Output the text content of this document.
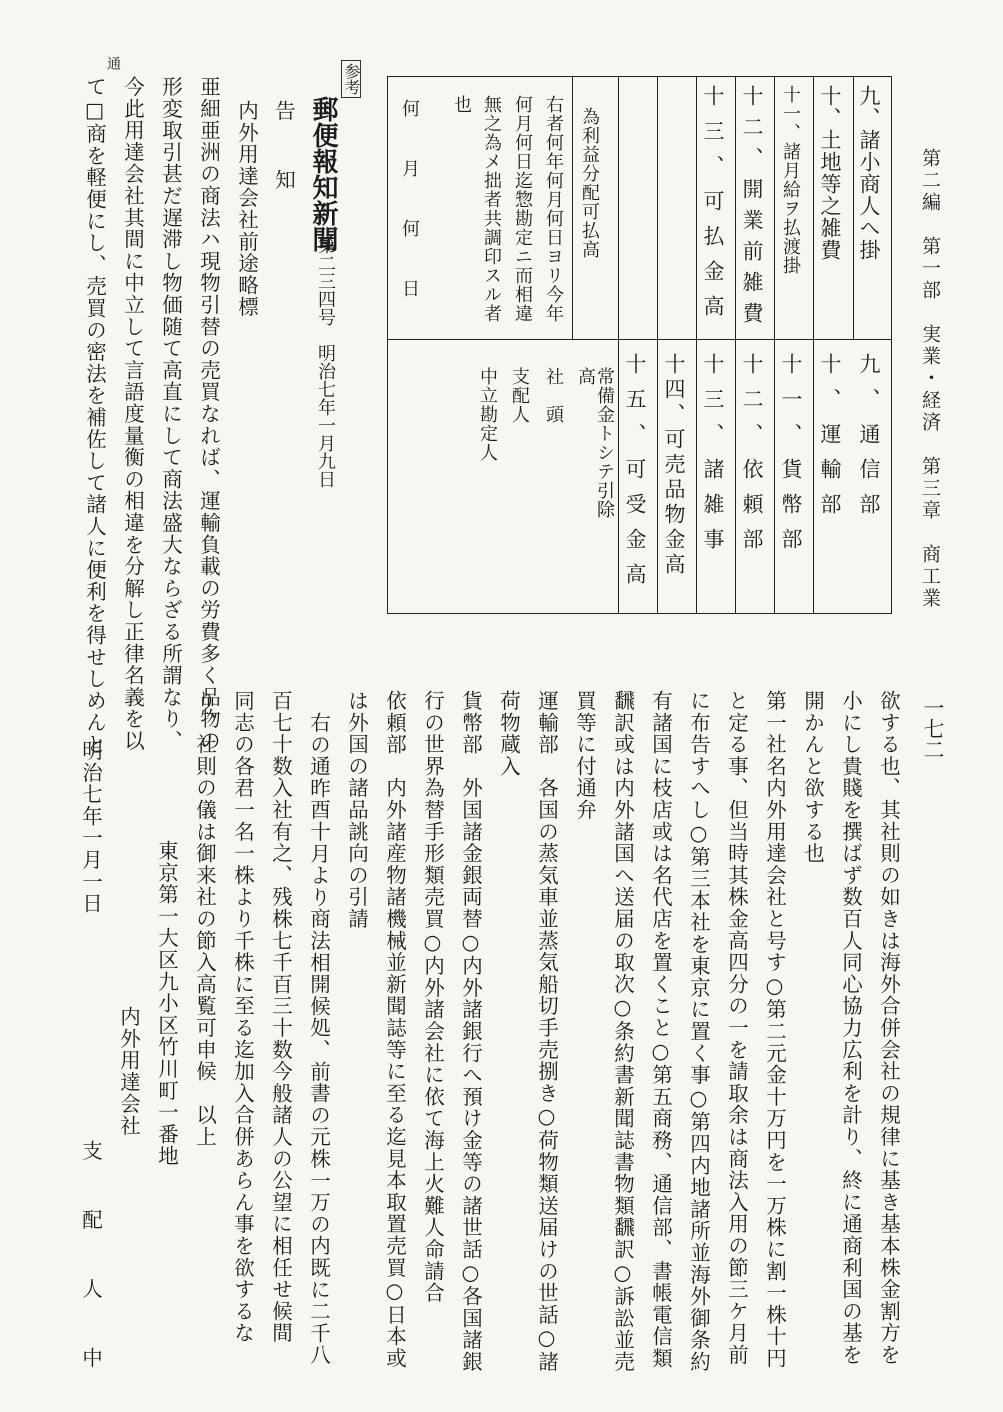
第二編　第一部　実業・経済　第三章　商工業
一七二
九、諸小商人へ掛
十、土地等之雑費
十一、諸月給ヲ払渡掛
十二、開業前雑費
十三、可払金高
為利益分配可払高
九、通信部
十、運輸部
十一、貨幣部
十二、依頼部
十三、諸雑事
十四、可売品物金高
十五、可受金高
常備金トシテ引除
高
右者何年何月何日ヨリ今年
何月何日迄惣勘定ニ而相違
無之為メ拙者共調印スル者
也
何　月　何　日
社　頭
支配人
中立勘定人
参考
郵便報知新聞
第二三四号　明治七年一月九日
告　知
内外用達会社前途略標
亜細亜洲の商法ハ現物引替の売買なれば、運輸負載の労費多く品物の
形変取引甚だ遅滞し物価随て高直にして商法盛大ならざる所謂なり、
今此用達会社其間に中立して言語度量衡の相違を分解し正律名義を以
て□商を軽便にし、売買の密法を補佐して諸人に便利を得せしめんと
通
欲する也、其社則の如きは海外合併会社の規律に基き基本株金割方を
小にし貴賤を撰ばず数百人同心協力広利を計り、終に通商利国の基を
開かんと欲する也
第一社名内外用達会社と号す○第二元金十万円を一万株に割一株十円
と定る事、但当時其株金高四分の一を請取余は商法入用の節三ケ月前
に布告すへし○第三本社を東京に置く事○第四内地諸所並海外御条約
有諸国に枝店或は名代店を置くこと○第五商務、通信部、書帳電信類
飜訳或は内外諸国へ送届の取次○条約書新聞誌書物類飜訳○訴訟並売
買等に付通弁
運輸部　各国の蒸気車並蒸気船切手売捌き○荷物類送届けの世話○諸
荷物蔵入
貨幣部　外国諸金銀両替○内外諸銀行へ預け金等の諸世話○各国諸銀
行の世界為替手形類売買○内外諸会社に依て海上火難人命請合
依頼部　内外諸産物諸機械並新聞誌等に至る迄見本取置売買○日本或
は外国の諸品誂向の引請
右の通昨酉十月より商法相開候処、前書の元株一万の内既に二千八
百七十数入社有之、残株七千百三十数今般諸人の公望に相任せ候間
同志の各君一名一株より千株に至る迄加入合併あらん事を欲するな
り、社則の儀は御来社の節入高覧可申候　以上
東京第一大区九小区竹川町一番地
内外用達会社
明治七年一月一日
支　配　人　中
